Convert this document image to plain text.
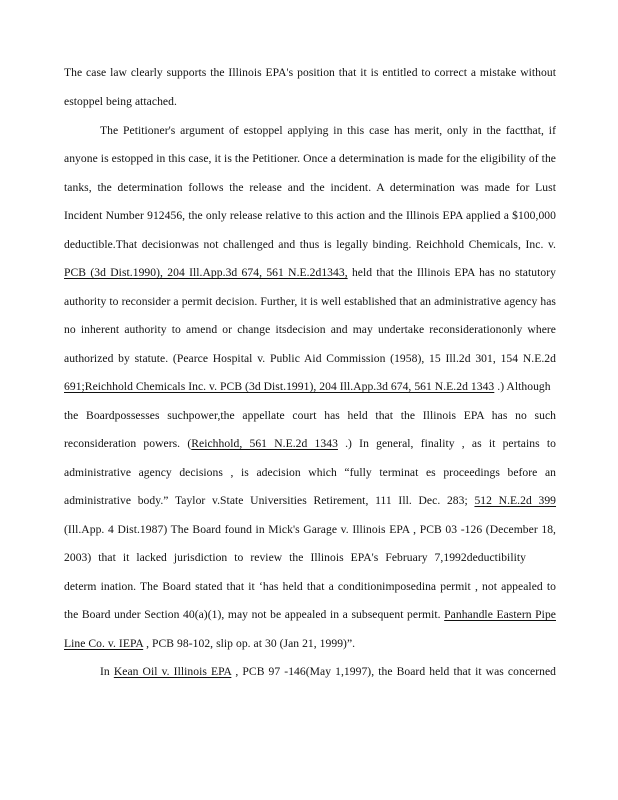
The case law clearly supports the Illinois EPA's position that it is entitled to correct a mistake without
estoppel being attached.
The Petitioner's argument of estoppel applying in this case has merit, only in the factthat, if
anyone is estopped in this case, it is the Petitioner. Once a determination is made for the eligibility of the
tanks, the determination follows the release and the incident. A determination was made for Lust
Incident Number 912456, the only release relative to this action and the Illinois EPA applied a $100,000
deductible.That decisionwas not challenged and thus is legally binding. Reichhold Chemicals, Inc. v.
PCB (3d Dist.1990), 204 Ill.App.3d 674, 561 N.E.2d1343, held that the Illinois EPA has no statutory
authority to reconsider a permit decision. Further, it is well established that an administrative agency has
no inherent authority to amend or change itsdecision and may undertake reconsiderationonly where
authorized by statute. (Pearce Hospital v. Public Aid Commission (1958), 15 Ill.2d 301, 154 N.E.2d
691;Reichhold Chemicals Inc. v. PCB (3d Dist.1991), 204 Ill.App.3d 674, 561 N.E.2d 1343 .) Although
the Boardpossesses suchpower,the appellate court has held that the Illinois EPA has no such
reconsideration powers. (Reichhold, 561 N.E.2d 1343 .) In general, finality , as it pertains to
administrative agency decisions , is adecision which “fully terminat es proceedings before an
administrative body.” Taylor v.State Universities Retirement, 111 Ill. Dec. 283; 512 N.E.2d 399
(Ill.App. 4 Dist.1987) The Board found in Mick's Garage v. Illinois EPA , PCB 03 -126 (December 18,
2003) that it lacked jurisdiction to review the Illinois EPA's February 7,1992deductibility
determ ination. The Board stated that it ‘has held that a conditionimposedina permit , not appealed to
the Board under Section 40(a)(1), may not be appealed in a subsequent permit. Panhandle Eastern Pipe
Line Co. v. IEPA , PCB 98-102, slip op. at 30 (Jan 21, 1999)”.
In Kean Oil v. Illinois EPA , PCB 97 -146(May 1,1997), the Board held that it was concerned
